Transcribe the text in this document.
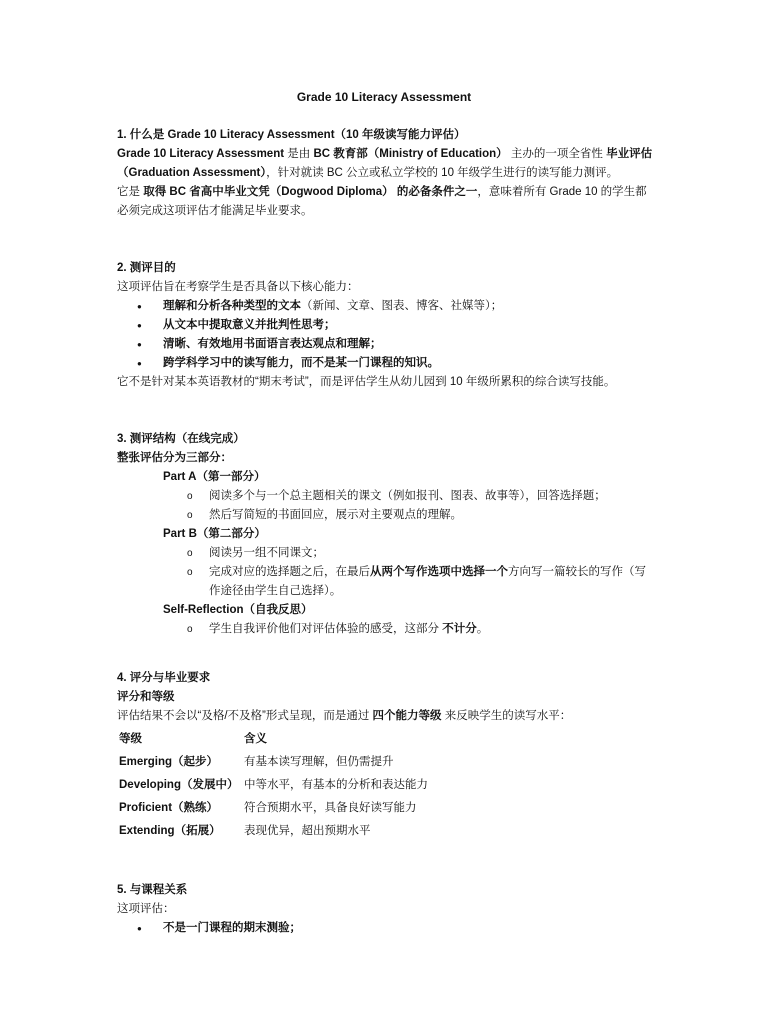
Grade 10 Literacy Assessment

1. 什么是 Grade 10 Literacy Assessment（10 年级读写能力评估）

Grade 10 Literacy Assessment 是由 BC 教育部（Ministry of Education） 主办的一项全省性 毕业评估（Graduation Assessment），针对就读 BC 公立或私立学校的 10 年级学生进行的读写能力测评。

它是 取得 BC 省高中毕业文凭（Dogwood Diploma） 的必备条件之一，意味着所有 Grade 10 的学生都必须完成这项评估才能满足毕业要求。

2. 测评目的

这项评估旨在考察学生是否具备以下核心能力：

● 理解和分析各种类型的文本（新闻、文章、图表、博客、社媒等）；
● 从文本中提取意义并批判性思考；
● 清晰、有效地用书面语言表达观点和理解；
● 跨学科学习中的读写能力，而不是某一门课程的知识。

它不是针对某本英语教材的“期末考试”，而是评估学生从幼儿园到 10 年级所累积的综合读写技能。

3. 测评结构（在线完成）

整张评估分为三部分：

Part A（第一部分）
o 阅读多个与一个总主题相关的课文（例如报刊、图表、故事等），回答选择题；
o 然后写简短的书面回应，展示对主要观点的理解。
Part B（第二部分）
o 阅读另一组不同课文；
o 完成对应的选择题之后，在最后从两个写作选项中选择一个方向写一篇较长的写作（写作途径由学生自己选择）。
Self-Reflection（自我反思）
o 学生自我评价他们对评估体验的感受，这部分 不计分。

4. 评分与毕业要求

评分和等级

评估结果不会以“及格/不及格”形式呈现，而是通过 四个能力等级 来反映学生的读写水平：

等级	含义
Emerging（起步）	有基本读写理解，但仍需提升
Developing（发展中）	中等水平，有基本的分析和表达能力
Proficient（熟练）	符合预期水平，具备良好读写能力
Extending（拓展）	表现优异，超出预期水平

5. 与课程关系

这项评估：

● 不是一门课程的期末测验；
